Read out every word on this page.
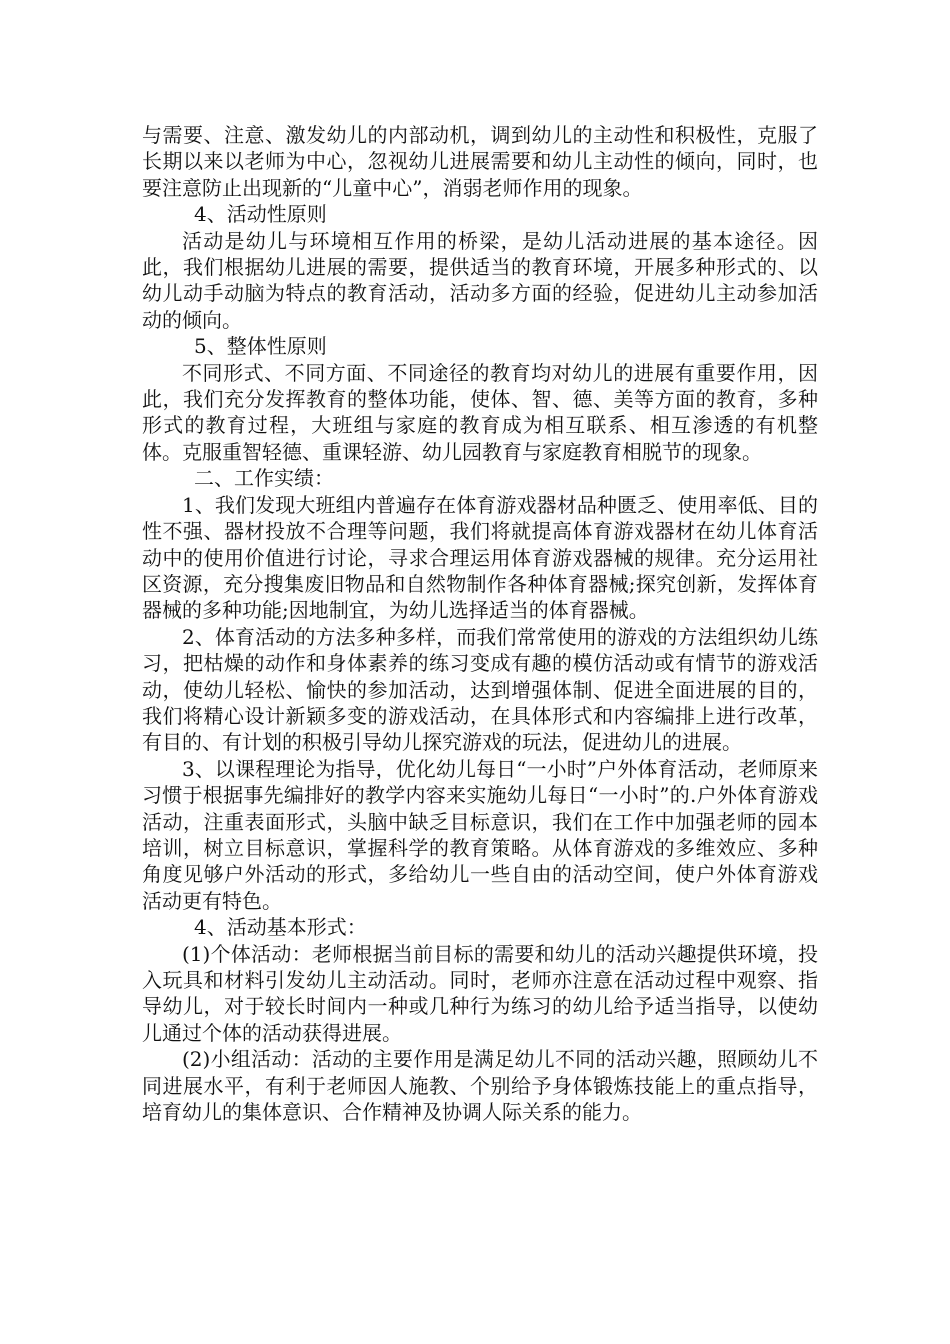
与需要、注意、激发幼儿的内部动机，调到幼儿的主动性和积极性，克服了长期以来以老师为中心，忽视幼儿进展需要和幼儿主动性的倾向，同时，也要注意防止出现新的“儿童中心”，消弱老师作用的现象。

4、活动性原则

活动是幼儿与环境相互作用的桥梁，是幼儿活动进展的基本途径。因此，我们根据幼儿进展的需要，提供适当的教育环境，开展多种形式的、以幼儿动手动脑为特点的教育活动，活动多方面的经验，促进幼儿主动参加活动的倾向。

5、整体性原则

不同形式、不同方面、不同途径的教育均对幼儿的进展有重要作用，因此，我们充分发挥教育的整体功能，使体、智、德、美等方面的教育，多种形式的教育过程，大班组与家庭的教育成为相互联系、相互渗透的有机整体。克服重智轻德、重课轻游、幼儿园教育与家庭教育相脱节的现象。

二、工作实绩：

1、我们发现大班组内普遍存在体育游戏器材品种匮乏、使用率低、目的性不强、器材投放不合理等问题，我们将就提高体育游戏器材在幼儿体育活动中的使用价值进行讨论，寻求合理运用体育游戏器械的规律。充分运用社区资源，充分搜集废旧物品和自然物制作各种体育器械;探究创新，发挥体育器械的多种功能;因地制宜，为幼儿选择适当的体育器械。

2、体育活动的方法多种多样，而我们常常使用的游戏的方法组织幼儿练习，把枯燥的动作和身体素养的练习变成有趣的模仿活动或有情节的游戏活动，使幼儿轻松、愉快的参加活动，达到增强体制、促进全面进展的目的，我们将精心设计新颖多变的游戏活动，在具体形式和内容编排上进行改革，有目的、有计划的积极引导幼儿探究游戏的玩法，促进幼儿的进展。

3、以课程理论为指导，优化幼儿每日“一小时”户外体育活动，老师原来习惯于根据事先编排好的教学内容来实施幼儿每日“一小时”的.户外体育游戏活动，注重表面形式，头脑中缺乏目标意识，我们在工作中加强老师的园本培训，树立目标意识，掌握科学的教育策略。从体育游戏的多维效应、多种角度见够户外活动的形式，多给幼儿一些自由的活动空间，使户外体育游戏活动更有特色。

4、活动基本形式：

(1)个体活动：老师根据当前目标的需要和幼儿的活动兴趣提供环境，投入玩具和材料引发幼儿主动活动。同时，老师亦注意在活动过程中观察、指导幼儿，对于较长时间内一种或几种行为练习的幼儿给予适当指导，以使幼儿通过个体的活动获得进展。

(2)小组活动：活动的主要作用是满足幼儿不同的活动兴趣，照顾幼儿不同进展水平，有利于老师因人施教、个别给予身体锻炼技能上的重点指导，培育幼儿的集体意识、合作精神及协调人际关系的能力。
